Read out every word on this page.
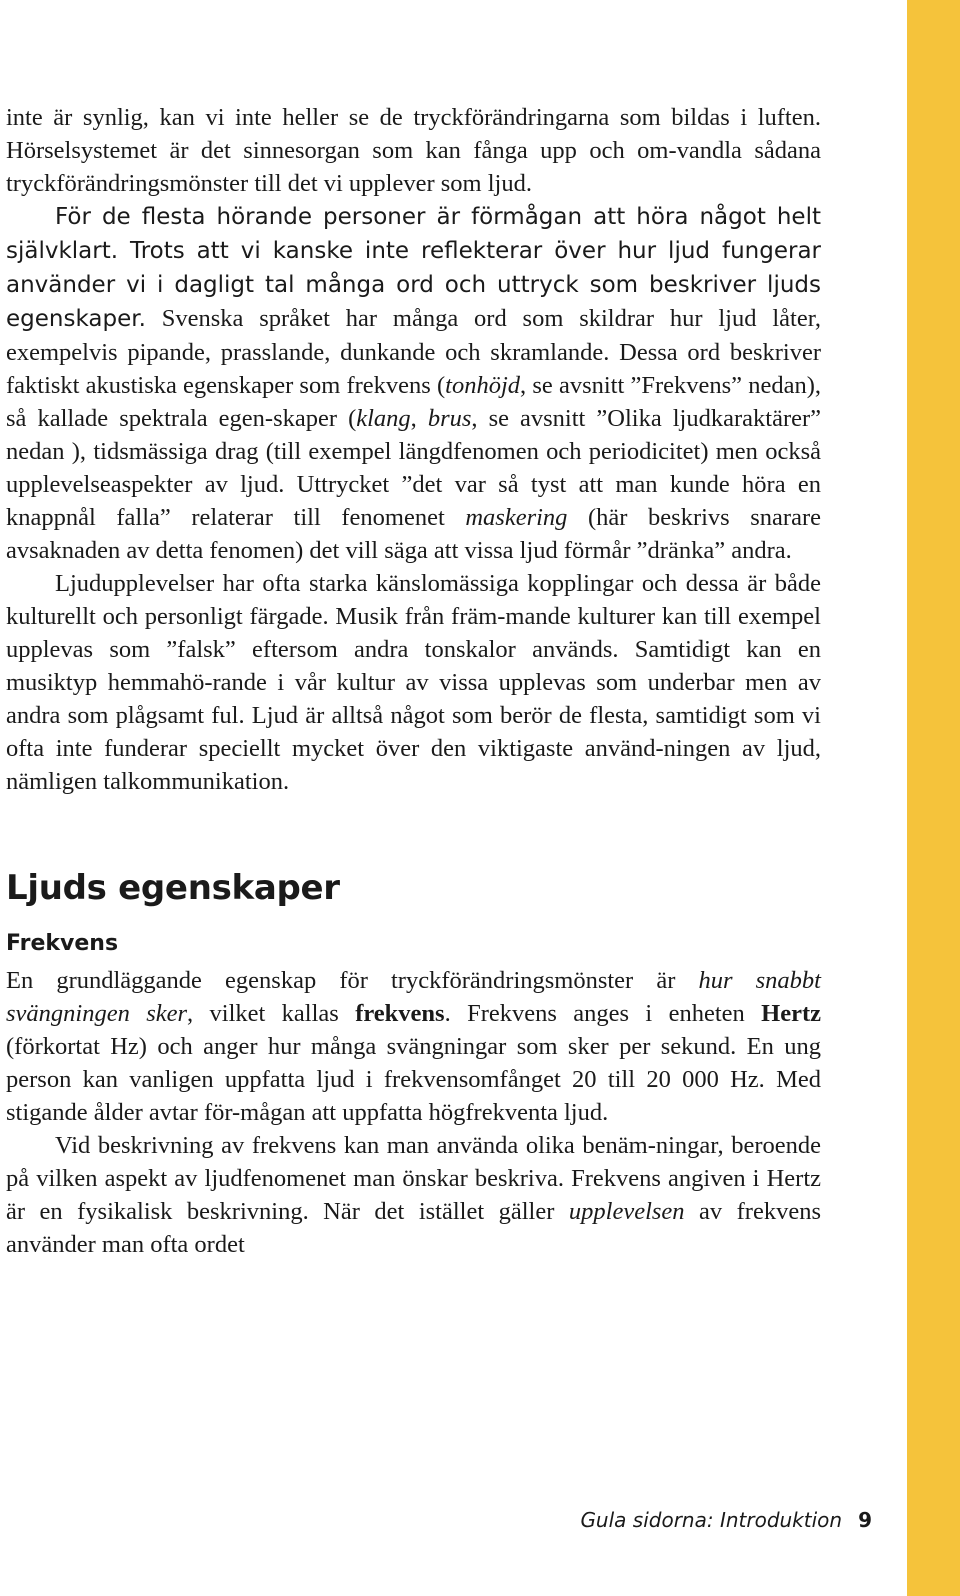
inte är synlig, kan vi inte heller se de tryckförändringarna som bildas i luften. Hörselsystemet är det sinnesorgan som kan fånga upp och om-vandla sådana tryckförändringsmönster till det vi upplever som ljud.

För de flesta hörande personer är förmågan att höra något helt självklart. Trots att vi kanske inte reflekterar över hur ljud fungerar använder vi i dagligt tal många ord och uttryck som beskriver ljuds egenskaper. Svenska språket har många ord som skildrar hur ljud låter, exempelvis pipande, prasslande, dunkande och skramlande. Dessa ord beskriver faktiskt akustiska egenskaper som frekvens (tonhöjd, se avsnitt ”Frekvens” nedan), så kallade spektrala egen-skaper (klang, brus, se avsnitt ”Olika ljudkaraktärer” nedan ), tidsmässiga drag (till exempel längdfenomen och periodicitet) men också upplevelseaspekter av ljud. Uttrycket ”det var så tyst att man kunde höra en knappnål falla” relaterar till fenomenet maskering (här beskrivs snarare avsaknaden av detta fenomen) det vill säga att vissa ljud förmår ”dränka” andra.

Ljudupplevelser har ofta starka känslomässiga kopplingar och dessa är både kulturellt och personligt färgade. Musik från främ-mande kulturer kan till exempel upplevas som ”falsk” eftersom andra tonskalor används. Samtidigt kan en musiktyp hemmahö-rande i vår kultur av vissa upplevas som underbar men av andra som plågsamt ful. Ljud är alltså något som berör de flesta, samtidigt som vi ofta inte funderar speciellt mycket över den viktigaste använd-ningen av ljud, nämligen talkommunikation.

Ljuds egenskaper
Frekvens

En grundläggande egenskap för tryckförändringsmönster är hur snabbt svängningen sker, vilket kallas frekvens. Frekvens anges i enheten Hertz (förkortat Hz) och anger hur många svängningar som sker per sekund. En ung person kan vanligen uppfatta ljud i frekvensomfånget 20 till 20 000 Hz. Med stigande ålder avtar för-mågan att uppfatta högfrekventa ljud.

Vid beskrivning av frekvens kan man använda olika benäm-ningar, beroende på vilken aspekt av ljudfenomenet man önskar beskriva. Frekvens angiven i Hertz är en fysikalisk beskrivning. När det istället gäller upplevelsen av frekvens använder man ofta ordet

Gula sidorna: Introduktion 9
